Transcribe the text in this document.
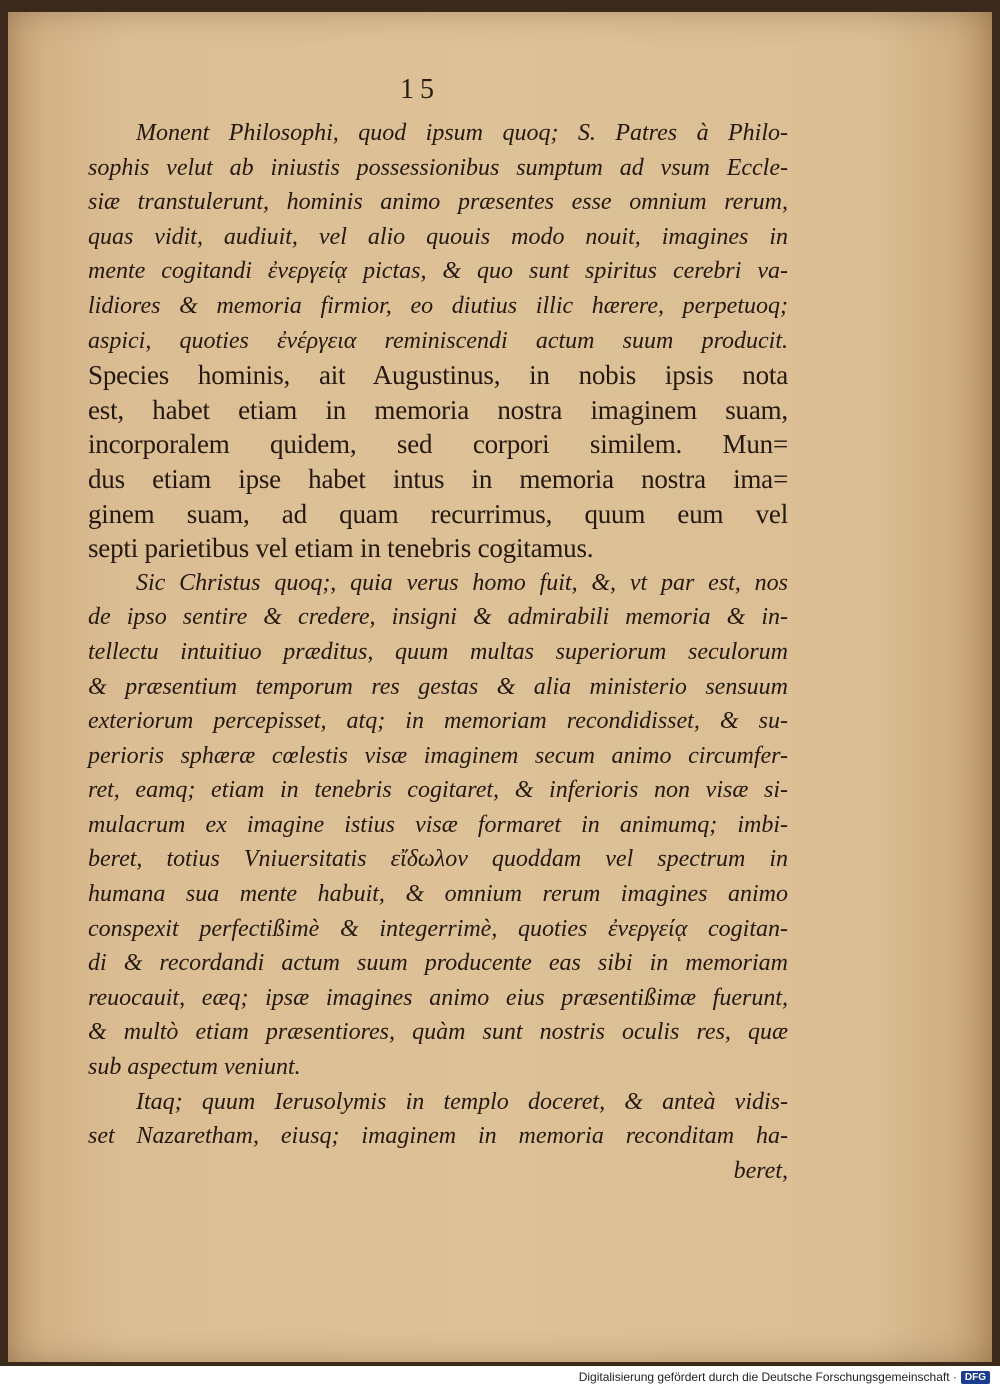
15
Monent Philosophi, quod ipsum quoq; S. Patres à Philo-
sophis velut ab iniustis possessionibus sumptum ad vsum Eccle-
siæ transtulerunt, hominis animo præsentes esse omnium rerum,
quas vidit, audiuit, vel alio quouis modo nouit, imagines in
mente cogitandi ἐνεργείᾳ pictas, & quo sunt spiritus cerebri va-
lidiores & memoria firmior, eo diutius illic hærere, perpetuoq;
aspici, quoties ἐνέργεια reminiscendi actum suum producit.
Species hominis, ait Augustinus, in nobis ipsis nota
est, habet etiam in memoria nostra imaginem suam,
incorporalem quidem, sed corpori similem. Mun=
dus etiam ipse habet intus in memoria nostra ima=
ginem suam, ad quam recurrimus, quum eum vel
septi parietibus vel etiam in tenebris cogitamus.
Sic Christus quoq;, quia verus homo fuit, &, vt par est, nos
de ipso sentire & credere, insigni & admirabili memoria & in-
tellectu intuitiuo præditus, quum multas superiorum seculorum
& præsentium temporum res gestas & alia ministerio sensuum
exteriorum percepisset, atq; in memoriam recondidisset, & su-
perioris sphæræ cœlestis visæ imaginem secum animo circumfer-
ret, eamq; etiam in tenebris cogitaret, & inferioris non visæ si-
mulacrum ex imagine istius visæ formaret in animumq; imbi-
beret, totius Vniuersitatis εἴδωλον quoddam vel spectrum in
humana sua mente habuit, & omnium rerum imagines animo
conspexit perfectißimè & integerrimè, quoties ἐνεργείᾳ cogitan-
di & recordandi actum suum producente eas sibi in memoriam
reuocauit, eæq; ipsæ imagines animo eius præsentißimæ fuerunt,
& multò etiam præsentiores, quàm sunt nostris oculis res, quæ
sub aspectum veniunt.
Itaq; quum Ierusolymis in templo doceret, & anteà vidis-
set Nazaretham, eiusq; imaginem in memoria reconditam ha-
beret,
Digitalisierung gefördert durch die Deutsche Forschungsgemeinschaft · DFG
